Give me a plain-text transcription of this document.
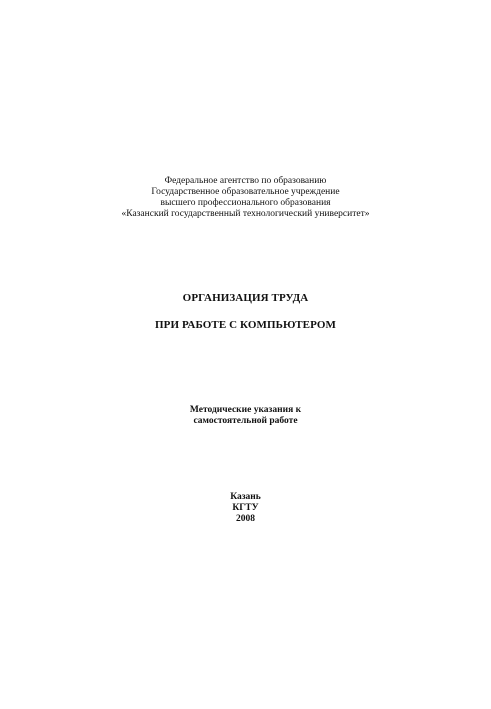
Федеральное агентство по образованию
Государственное образовательное учреждение
высшего профессионального образования
«Казанский государственный технологический университет»
ОРГАНИЗАЦИЯ ТРУДА
ПРИ РАБОТЕ С КОМПЬЮТЕРОМ
Методические указания к
самостоятельной работе
Казань
КГТУ
2008
